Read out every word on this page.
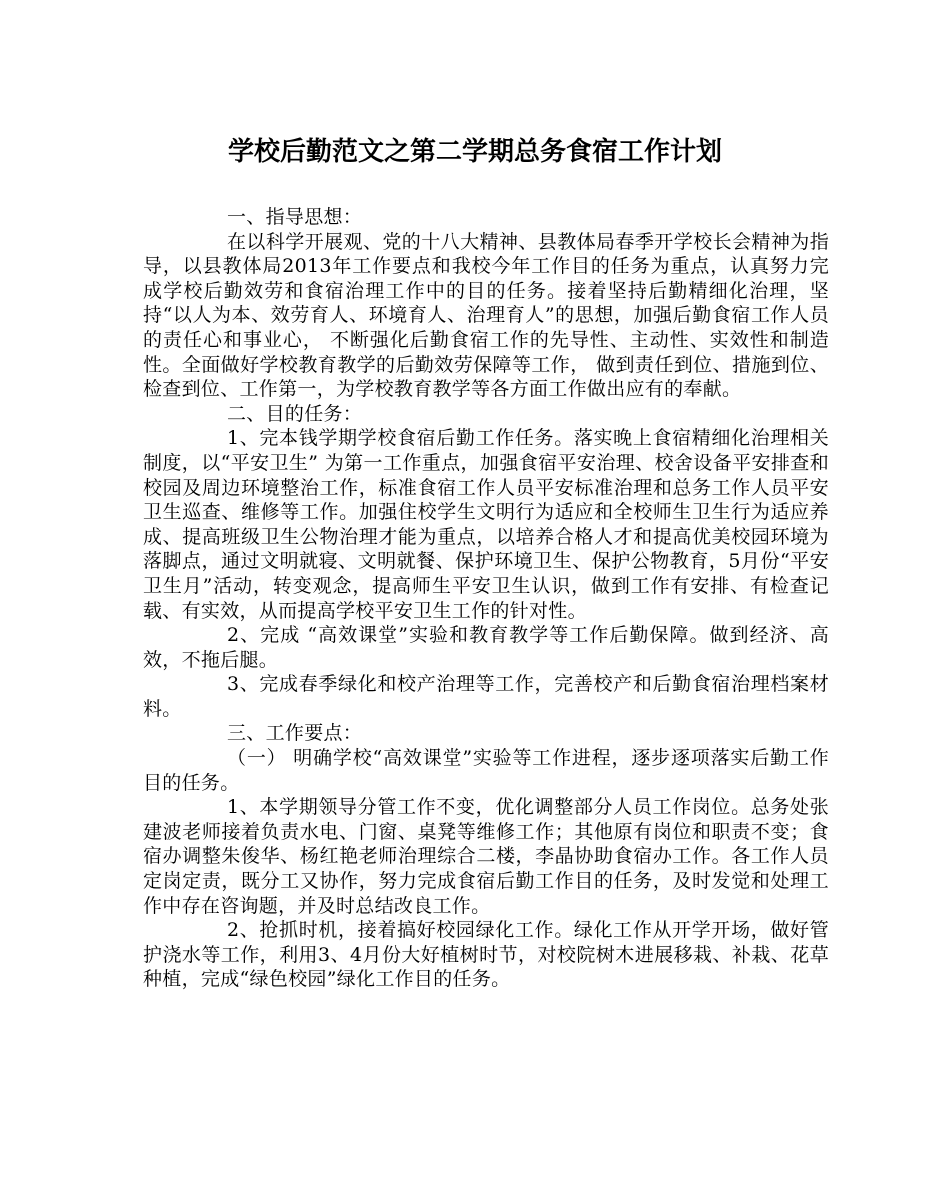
学校后勤范文之第二学期总务食宿工作计划

一、指导思想：

在以科学开展观、党的十八大精神、县教体局春季开学校长会精神为指导，以县教体局2013年工作要点和我校今年工作目的任务为重点，认真努力完成学校后勤效劳和食宿治理工作中的目的任务。接着坚持后勤精细化治理，坚持“以人为本、效劳育人、环境育人、治理育人”的思想，加强后勤食宿工作人员的责任心和事业心， 不断强化后勤食宿工作的先导性、主动性、实效性和制造性。全面做好学校教育教学的后勤效劳保障等工作， 做到责任到位、措施到位、检查到位、工作第一，为学校教育教学等各方面工作做出应有的奉献。

二、目的任务：

1、完本钱学期学校食宿后勤工作任务。落实晚上食宿精细化治理相关制度，以“平安卫生” 为第一工作重点，加强食宿平安治理、校舍设备平安排查和校园及周边环境整治工作，标准食宿工作人员平安标准治理和总务工作人员平安卫生巡查、维修等工作。加强住校学生文明行为适应和全校师生卫生行为适应养成、提高班级卫生公物治理才能为重点，以培养合格人才和提高优美校园环境为落脚点，通过文明就寝、文明就餐、保护环境卫生、保护公物教育，5月份“平安卫生月”活动，转变观念，提高师生平安卫生认识，做到工作有安排、有检查记载、有实效，从而提高学校平安卫生工作的针对性。

2、完成 “高效课堂”实验和教育教学等工作后勤保障。做到经济、高效，不拖后腿。

3、完成春季绿化和校产治理等工作，完善校产和后勤食宿治理档案材料。

三、工作要点：

（一） 明确学校“高效课堂”实验等工作进程，逐步逐项落实后勤工作目的任务。

1、本学期领导分管工作不变，优化调整部分人员工作岗位。总务处张建波老师接着负责水电、门窗、桌凳等维修工作；其他原有岗位和职责不变；食宿办调整朱俊华、杨红艳老师治理综合二楼，李晶协助食宿办工作。各工作人员定岗定责，既分工又协作，努力完成食宿后勤工作目的任务，及时发觉和处理工作中存在咨询题，并及时总结改良工作。

2、抢抓时机，接着搞好校园绿化工作。绿化工作从开学开场，做好管护浇水等工作，利用3、4月份大好植树时节，对校院树木进展移栽、补栽、花草种植，完成“绿色校园”绿化工作目的任务。
